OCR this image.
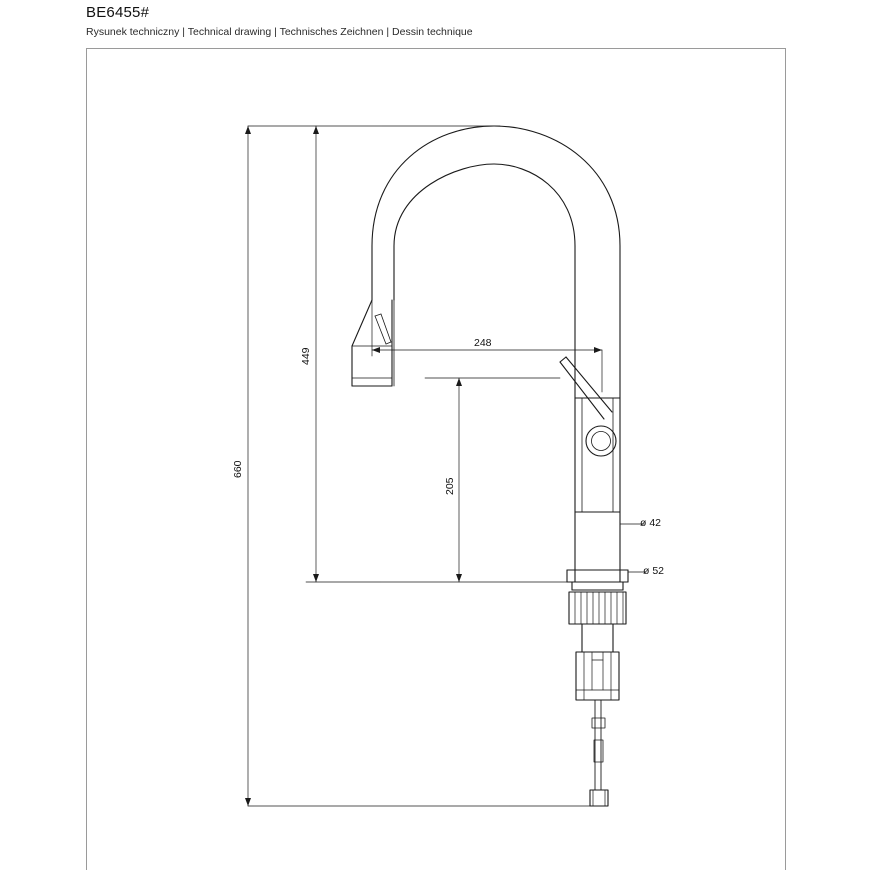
BE6455#
Rysunek techniczny | Technical drawing | Technisches Zeichnen | Dessin technique
660
449
248
205
ø 42
ø 52
